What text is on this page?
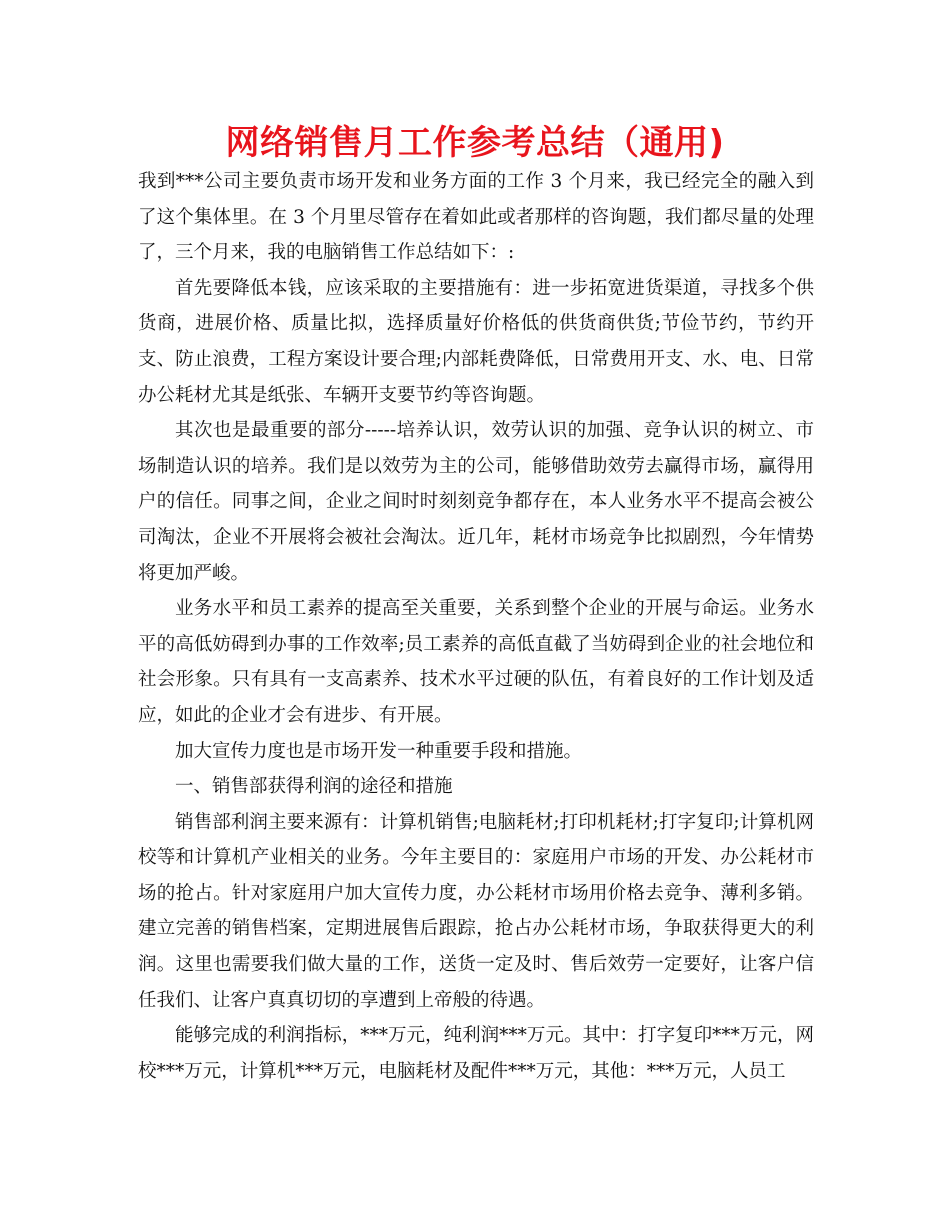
网络销售月工作参考总结（通用)

我到***公司主要负责市场开发和业务方面的工作 3 个月来，我已经完全的融入到了这个集体里。在 3 个月里尽管存在着如此或者那样的咨询题，我们都尽量的处理了，三个月来，我的电脑销售工作总结如下：:

首先要降低本钱，应该采取的主要措施有：进一步拓宽进货渠道，寻找多个供货商，进展价格、质量比拟，选择质量好价格低的供货商供货;节俭节约，节约开支、防止浪费，工程方案设计要合理;内部耗费降低，日常费用开支、水、电、日常办公耗材尤其是纸张、车辆开支要节约等咨询题。

其次也是最重要的部分-----培养认识，效劳认识的加强、竞争认识的树立、市场制造认识的培养。我们是以效劳为主的公司，能够借助效劳去赢得市场，赢得用户的信任。同事之间，企业之间时时刻刻竞争都存在，本人业务水平不提高会被公司淘汰，企业不开展将会被社会淘汰。近几年，耗材市场竞争比拟剧烈，今年情势将更加严峻。

业务水平和员工素养的提高至关重要，关系到整个企业的开展与命运。业务水平的高低妨碍到办事的工作效率;员工素养的高低直截了当妨碍到企业的社会地位和社会形象。只有具有一支高素养、技术水平过硬的队伍，有着良好的工作计划及适应，如此的企业才会有进步、有开展。

加大宣传力度也是市场开发一种重要手段和措施。

一、销售部获得利润的途径和措施

销售部利润主要来源有：计算机销售;电脑耗材;打印机耗材;打字复印;计算机网校等和计算机产业相关的业务。今年主要目的：家庭用户市场的开发、办公耗材市场的抢占。针对家庭用户加大宣传力度，办公耗材市场用价格去竞争、薄利多销。建立完善的销售档案，定期进展售后跟踪，抢占办公耗材市场，争取获得更大的利润。这里也需要我们做大量的工作，送货一定及时、售后效劳一定要好，让客户信任我们、让客户真真切切的享遭到上帝般的待遇。

能够完成的利润指标，***万元，纯利润***万元。其中：打字复印***万元，网校***万元，计算机***万元，电脑耗材及配件***万元，其他：***万元，人员工
